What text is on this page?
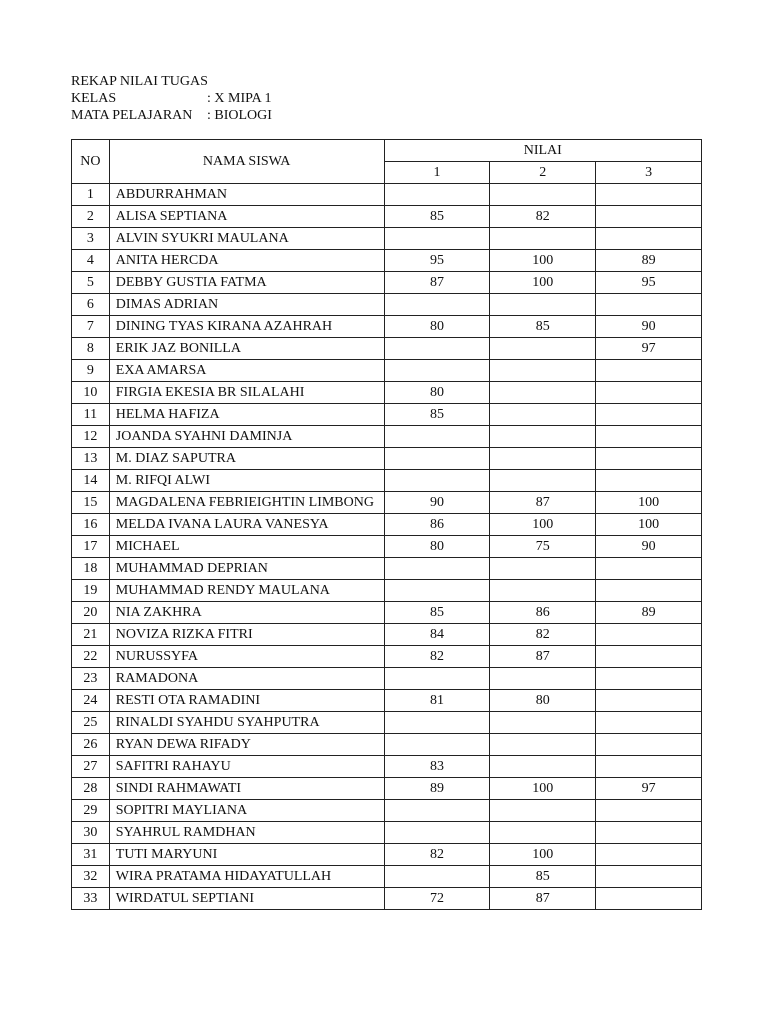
REKAP NILAI TUGAS
KELAS	: X MIPA 1
MATA PELAJARAN	: BIOLOGI
NO	NAMA SISWA	NILAI		
		1	2	3
1	ABDURRAHMAN			
2	ALISA SEPTIANA	85	82	
3	ALVIN SYUKRI MAULANA			
4	ANITA HERCDA	95	100	89
5	DEBBY GUSTIA FATMA	87	100	95
6	DIMAS ADRIAN			
7	DINING TYAS KIRANA AZAHRAH	80	85	90
8	ERIK JAZ BONILLA			97
9	EXA AMARSA			
10	FIRGIA EKESIA BR SILALAHI	80		
11	HELMA HAFIZA	85		
12	JOANDA SYAHNI DAMINJA			
13	M. DIAZ SAPUTRA			
14	M. RIFQI ALWI			
15	MAGDALENA FEBRIEIGHTIN LIMBONG	90	87	100
16	MELDA IVANA LAURA VANESYA	86	100	100
17	MICHAEL	80	75	90
18	MUHAMMAD DEPRIAN			
19	MUHAMMAD RENDY MAULANA			
20	NIA ZAKHRA	85	86	89
21	NOVIZA RIZKA FITRI	84	82	
22	NURUSSYFA	82	87	
23	RAMADONA			
24	RESTI OTA RAMADINI	81	80	
25	RINALDI SYAHDU SYAHPUTRA			
26	RYAN DEWA RIFADY			
27	SAFITRI RAHAYU	83		
28	SINDI RAHMAWATI	89	100	97
29	SOPITRI MAYLIANA			
30	SYAHRUL RAMDHAN			
31	TUTI MARYUNI	82	100	
32	WIRA PRATAMA HIDAYATULLAH		85	
33	WIRDATUL SEPTIANI	72	87	
